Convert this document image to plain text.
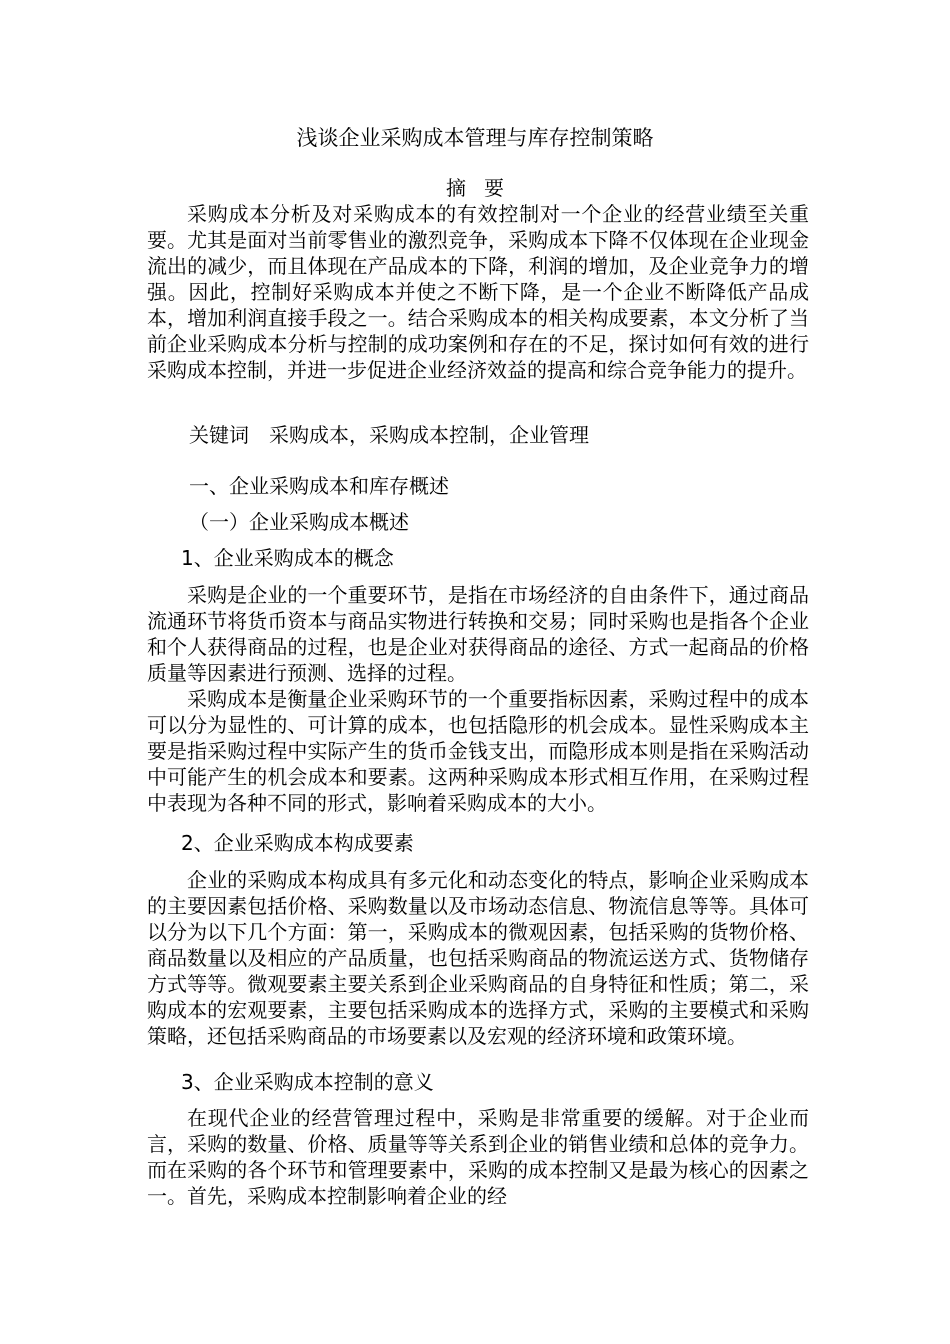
浅谈企业采购成本管理与库存控制策略
摘要

采购成本分析及对采购成本的有效控制对一个企业的经营业绩至关重要。尤其是面对当前零售业的激烈竞争，采购成本下降不仅体现在企业现金流出的减少，而且体现在产品成本的下降，利润的增加，及企业竞争力的增强。因此，控制好采购成本并使之不断下降，是一个企业不断降低产品成本，增加利润直接手段之一。结合采购成本的相关构成要素，本文分析了当前企业采购成本分析与控制的成功案例和存在的不足，探讨如何有效的进行采购成本控制，并进一步促进企业经济效益的提高和综合竞争能力的提升。

关键词 采购成本，采购成本控制，企业管理
一、企业采购成本和库存概述
（一）企业采购成本概述
1、企业采购成本的概念

采购是企业的一个重要环节，是指在市场经济的自由条件下，通过商品流通环节将货币资本与商品实物进行转换和交易；同时采购也是指各个企业和个人获得商品的过程，也是企业对获得商品的途径、方式一起商品的价格质量等因素进行预测、选择的过程。

采购成本是衡量企业采购环节的一个重要指标因素，采购过程中的成本可以分为显性的、可计算的成本，也包括隐形的机会成本。显性采购成本主要是指采购过程中实际产生的货币金钱支出，而隐形成本则是指在采购活动中可能产生的机会成本和要素。这两种采购成本形式相互作用，在采购过程中表现为各种不同的形式，影响着采购成本的大小。

2、企业采购成本构成要素

企业的采购成本构成具有多元化和动态变化的特点，影响企业采购成本的主要因素包括价格、采购数量以及市场动态信息、物流信息等等。具体可以分为以下几个方面：第一，采购成本的微观因素，包括采购的货物价格、商品数量以及相应的产品质量，也包括采购商品的物流运送方式、货物储存方式等等。微观要素主要关系到企业采购商品的自身特征和性质；第二，采购成本的宏观要素，主要包括采购成本的选择方式，采购的主要模式和采购策略，还包括采购商品的市场要素以及宏观的经济环境和政策环境。

3、企业采购成本控制的意义

在现代企业的经营管理过程中，采购是非常重要的缓解。对于企业而言，采购的数量、价格、质量等等关系到企业的销售业绩和总体的竞争力。而在采购的各个环节和管理要素中，采购的成本控制又是最为核心的因素之一。首先，采购成本控制影响着企业的经
